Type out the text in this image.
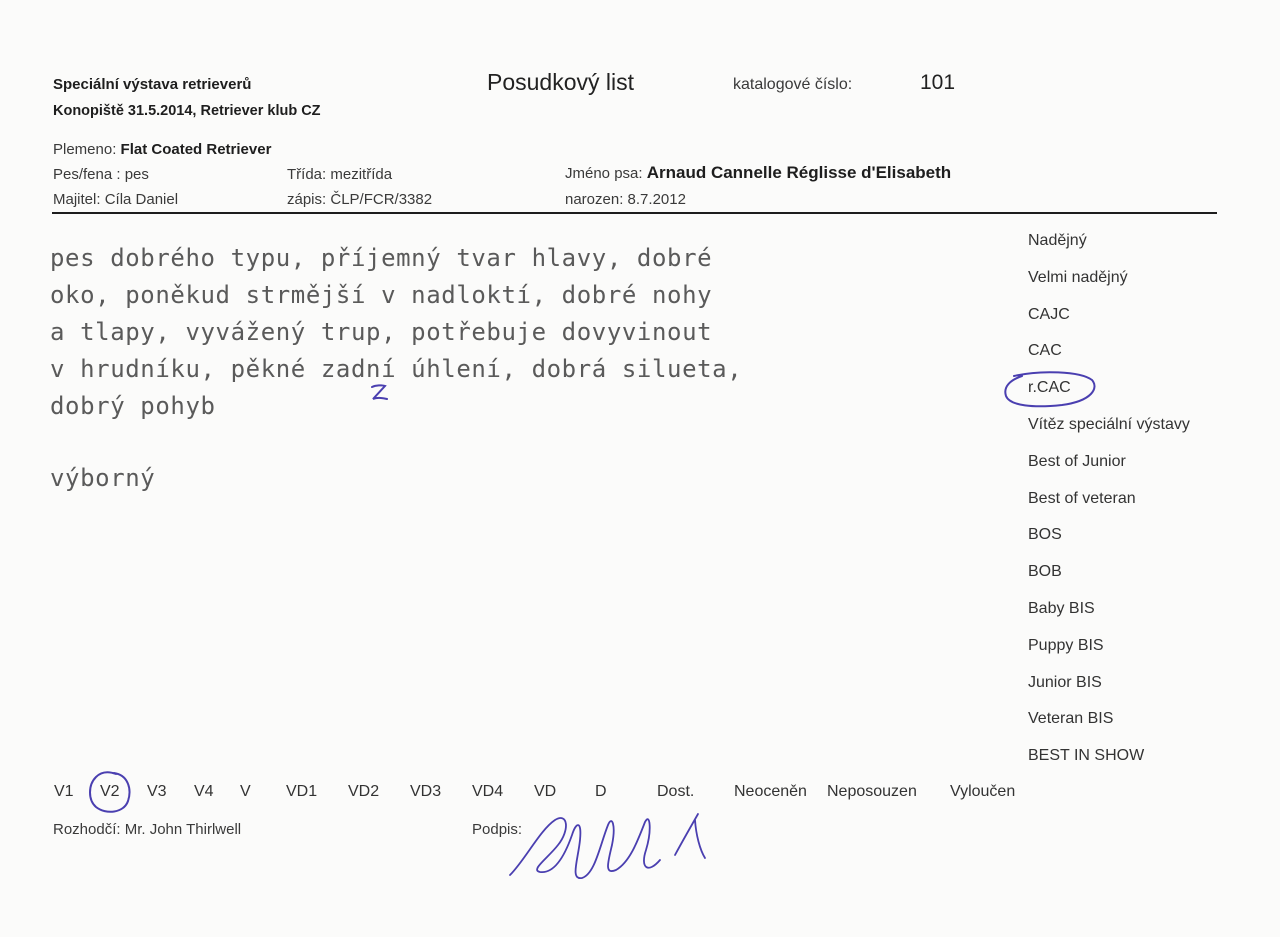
Speciální výstava retrieverů
Konopiště 31.5.2014, Retriever klub CZ
Posudkový list	katalogové číslo:	101
Plemeno: Flat Coated Retriever
Pes/fena : pes
Majitel: Cíla Daniel
Třída: mezitřída
zápis: ČLP/FCR/3382
Jméno psa: Arnaud Cannelle Réglisse d'Elisabeth
narozen: 8.7.2012
pes dobrého typu, příjemný tvar hlavy, dobré
oko, poněkud strmější v nadloktí, dobré nohy
a tlapy, vyvážený trup, potřebuje dovyvinout
v hrudníku, pěkné zadní úhlení, dobrá silueta,
dobrý pohyb
výborný
Nadějný
Velmi nadějný
CAJC
CAC
r.CAC
Vítěz speciální výstavy
Best of Junior
Best of veteran
BOS
BOB
Baby BIS
Puppy BIS
Junior BIS
Veteran BIS
BEST IN SHOW
V1 V2 V3 V4 V VD1 VD2 VD3 VD4 VD D	Dost. Neoceněn Neposouzen Vyloučen
Rozhodčí: Mr. John Thirlwell	Podpis:
